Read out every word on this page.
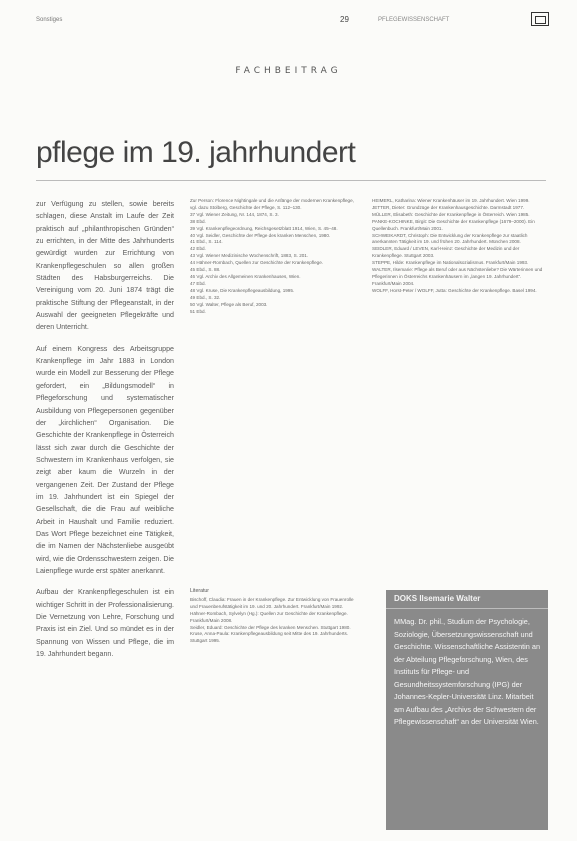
Sonstiges	29	PFLEGEWISSENSCHAFT
FACHBEITRAG
pflege im 19. jahrhundert

zur Verfügung zu stellen, sowie bereits schlagen, diese Anstalt im Laufe der Zeit praktisch auf „philanthropischen Gründen“ zu errichten, in der Mitte des Jahrhunderts gewürdigt wurden zur Errichtung von Krankenpflegeschulen so allen großen Städten des Habsburgerreichs. Die Vereinigung vom 20. Juni 1874 trägt die praktische Stiftung der Pflegeanstalt, in der Auswahl der geeigneten Pflegekräfte und deren Unterricht.

Auf einem Kongress des Arbeitsgruppe Krankenpflege im Jahr 1883 in London wurde ein Modell zur Besserung der Pflege gefordert, ein „Bildungsmodell“ in Pflegeforschung und systematischer Ausbildung von Pflegepersonen gegenüber der „kirchlichen“ Organisation. Die Geschichte der Krankenpflege in Österreich lässt sich zwar durch die Geschichte der Schwestern im Krankenhaus verfolgen, sie zeigt aber kaum die Wurzeln in der vergangenen Zeit. Der Zustand der Pflege im 19. Jahrhundert ist ein Spiegel der Gesellschaft, die die Frau auf weibliche Arbeit in Haushalt und Familie reduziert. Das Wort Pflege bezeichnet eine Tätigkeit, die im Namen der Nächstenliebe ausgeübt wird, wie die Ordensschwestern zeigen. Die Laienpflege wurde erst später anerkannt.

Aufbau der Krankenpflegeschulen ist ein wichtiger Schritt in der Professionalisierung. Die Vernetzung von Lehre, Forschung und Praxis ist ein Ziel. Und so mündet es in der Spannung von Wissen und Pflege, die im 19. Jahrhundert begann.

Zur Person: Florence Nightingale und die Anfänge der modernen Krankenpflege, vgl. dazu Stolberg, Geschichte der Pflege, S. 112–130.

37 Vgl. Wiener Zeitung, Nr. 144, 1874, S. 3.

38 Ebd.

39 Vgl. Krankenpflegeordnung, Reichsgesetzblatt 1914, Wien, S. 45–48.

40 Vgl. Seidler, Geschichte der Pflege des kranken Menschen, 1980.

41 Ebd., S. 114.

42 Ebd.

43 Vgl. Wiener Medizinische Wochenschrift, 1883, S. 201.

44 Hähner-Rombach, Quellen zur Geschichte der Krankenpflege.

45 Ebd., S. 88.

46 Vgl. Archiv des Allgemeinen Krankenhauses, Wien.

47 Ebd.

48 Vgl. Kruse, Die Krankenpflegeausbildung, 1995.

49 Ebd., S. 32.

50 Vgl. Walter, Pflege als Beruf, 2003.

51 Ebd.

Literatur

Bischoff, Claudia: Frauen in der Krankenpflege. Zur Entwicklung von Frauenrolle und Frauenberufstätigkeit im 19. und 20. Jahrhundert. Frankfurt/Main 1992.

Hähner-Rombach, Sylvelyn (Hg.): Quellen zur Geschichte der Krankenpflege. Frankfurt/Main 2008.

Seidler, Eduard: Geschichte der Pflege des kranken Menschen. Stuttgart 1980.

Kruse, Anna-Paula: Krankenpflegeausbildung seit Mitte des 19. Jahrhunderts. Stuttgart 1995.

HEIMERL, Katharina: Wiener Krankenhäuser im 19. Jahrhundert. Wien 1999.

JETTER, Dieter: Grundzüge der Krankenhausgeschichte. Darmstadt 1977.

MÜLLER, Elisabeth: Geschichte der Krankenpflege in Österreich. Wien 1985.

PANKE-KOCHINKE, Birgit: Die Geschichte der Krankenpflege (1679–2000). Ein Quellenbuch. Frankfurt/Main 2001.

SCHWEIKARDT, Christoph: Die Entwicklung der Krankenpflege zur staatlich anerkannten Tätigkeit im 19. und frühen 20. Jahrhundert. München 2008.

SEIDLER, Eduard / LEVEN, Karl-Heinz: Geschichte der Medizin und der Krankenpflege. Stuttgart 2003.

STEPPE, Hilde: Krankenpflege im Nationalsozialismus. Frankfurt/Main 1993.

WALTER, Ilsemarie: Pflege als Beruf oder aus Nächstenliebe? Die Wärterinnen und Pflegerinnen in Österreichs Krankenhäusern im „langen 19. Jahrhundert“. Frankfurt/Main 2004.

WOLFF, Horst-Peter / WOLFF, Jutta: Geschichte der Krankenpflege. Basel 1994.

DOKS Ilsemarie Walter
MMag. Dr. phil., Studium der Psychologie, Soziologie, Übersetzungswissenschaft und Geschichte. Wissenschaftliche Assistentin an der Abteilung Pflegeforschung, Wien, des Instituts für Pflege- und Gesundheitssystemforschung (IPG) der Johannes-Kepler-Universität Linz. Mitarbeit am Aufbau des „Archivs der Schwestern der Pflegewissenschaft“ an der Universität Wien.
